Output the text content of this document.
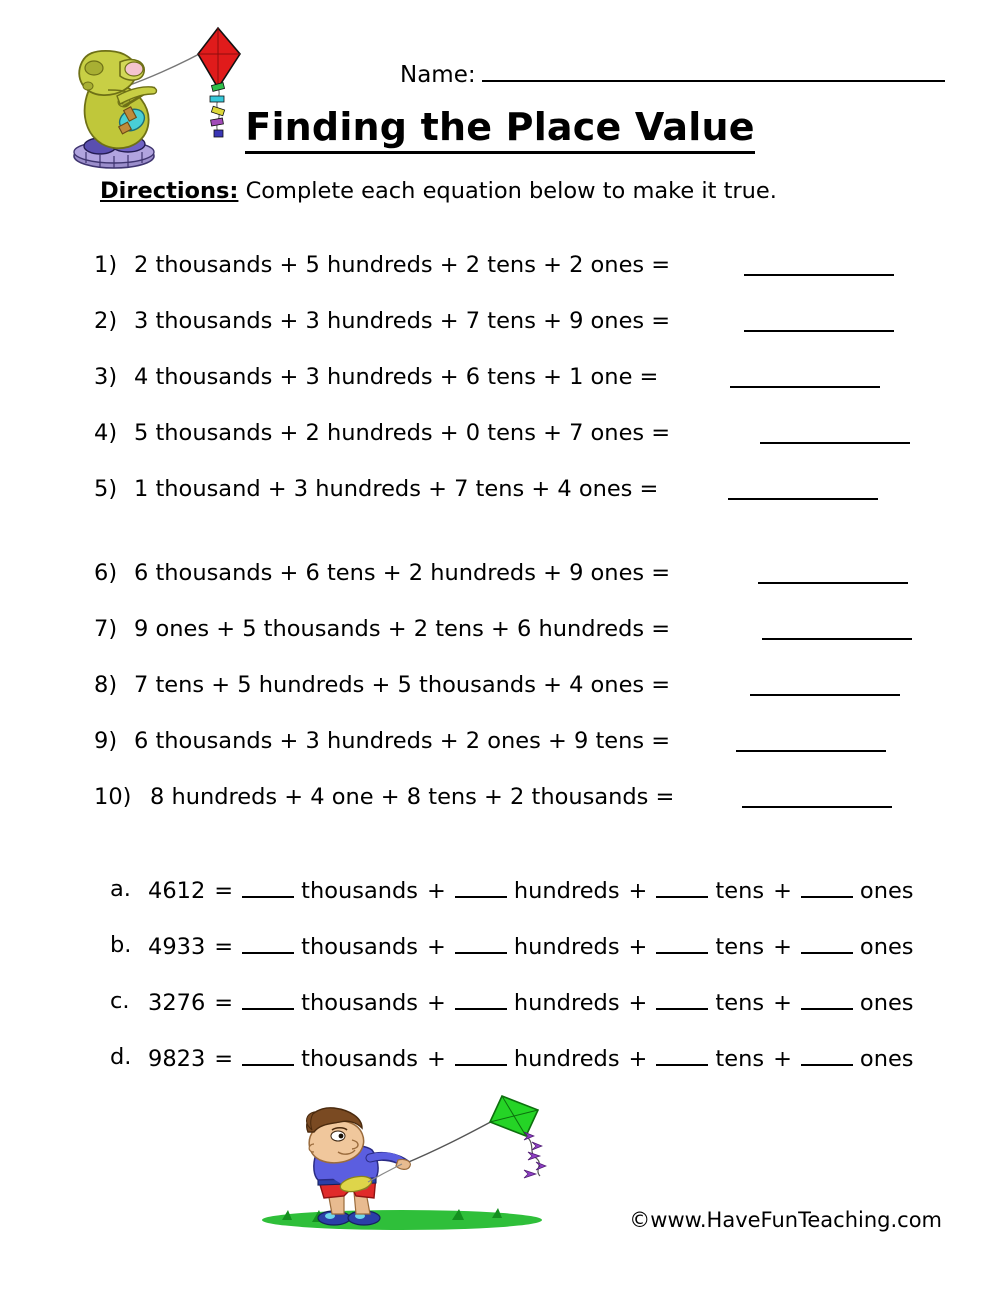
Name:
Finding the Place Value
Directions: Complete each equation below to make it true.
1) 2 thousands + 5 hundreds + 2 tens + 2 ones =
2) 3 thousands + 3 hundreds + 7 tens + 9 ones =
3) 4 thousands + 3 hundreds + 6 tens + 1 one =
4) 5 thousands + 2 hundreds + 0 tens + 7 ones =
5) 1 thousand + 3 hundreds + 7 tens + 4 ones =
6) 6 thousands + 6 tens + 2 hundreds + 9 ones =
7) 9 ones + 5 thousands + 2 tens + 6 hundreds =
8) 7 tens + 5 hundreds + 5 thousands + 4 ones =
9) 6 thousands + 3 hundreds + 2 ones + 9 tens =
10) 8 hundreds + 4 one + 8 tens + 2 thousands =
a. 4612 =	thousands +	hundreds +	tens +	ones
b. 4933 =	thousands +	hundreds +	tens +	ones
c. 3276 =	thousands +	hundreds +	tens +	ones
d. 9823 =	thousands +	hundreds +	tens +	ones
©www.HaveFunTeaching.com
